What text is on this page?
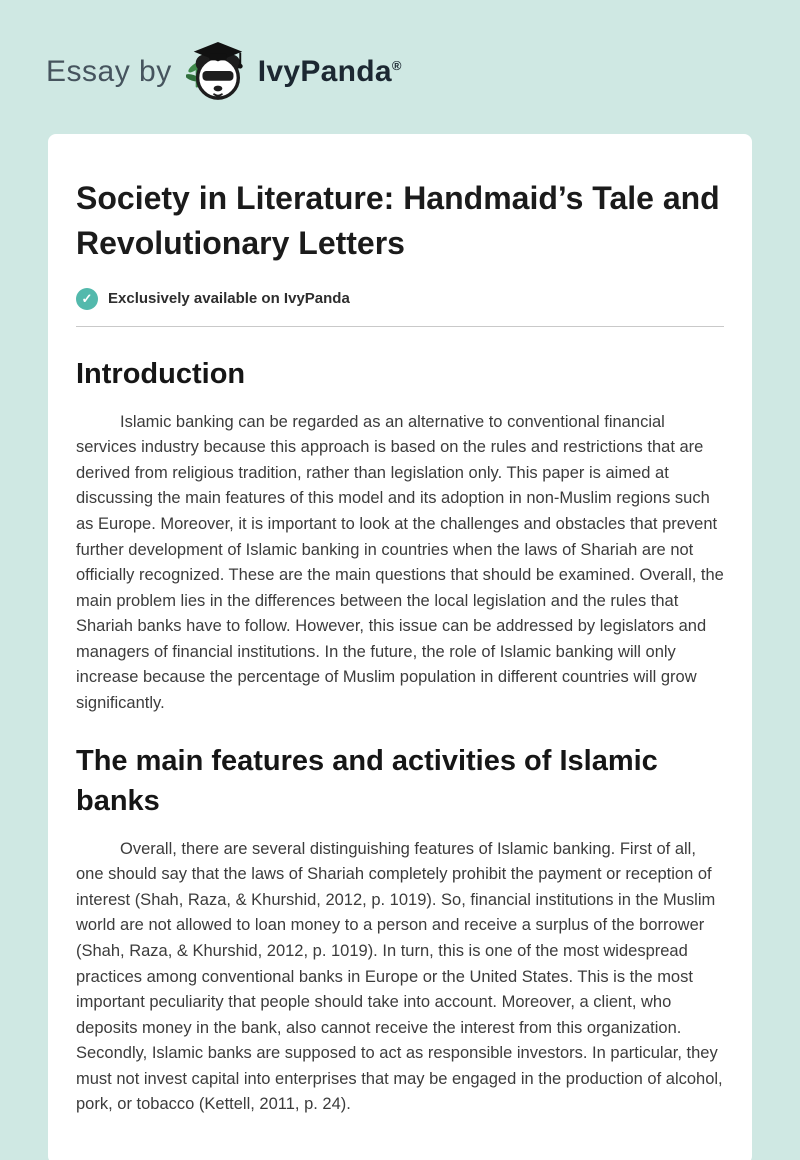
Essay by	IvyPanda®
Society in Literature: Handmaid’s Tale and Revolutionary Letters
✓	Exclusively available on IvyPanda
Introduction

Islamic banking can be regarded as an alternative to conventional financial services industry because this approach is based on the rules and restrictions that are derived from religious tradition, rather than legislation only. This paper is aimed at discussing the main features of this model and its adoption in non-Muslim regions such as Europe. Moreover, it is important to look at the challenges and obstacles that prevent further development of Islamic banking in countries when the laws of Shariah are not officially recognized. These are the main questions that should be examined. Overall, the main problem lies in the differences between the local legislation and the rules that Shariah banks have to follow. However, this issue can be addressed by legislators and managers of financial institutions. In the future, the role of Islamic banking will only increase because the percentage of Muslim population in different countries will grow significantly.

The main features and activities of Islamic banks

Overall, there are several distinguishing features of Islamic banking. First of all, one should say that the laws of Shariah completely prohibit the payment or reception of interest (Shah, Raza, & Khurshid, 2012, p. 1019). So, financial institutions in the Muslim world are not allowed to loan money to a person and receive a surplus of the borrower (Shah, Raza, & Khurshid, 2012, p. 1019). In turn, this is one of the most widespread practices among conventional banks in Europe or the United States. This is the most important peculiarity that people should take into account. Moreover, a client, who deposits money in the bank, also cannot receive the interest from this organization. Secondly, Islamic banks are supposed to act as responsible investors. In particular, they must not invest capital into enterprises that may be engaged in the production of alcohol, pork, or tobacco (Kettell, 2011, p. 24).
